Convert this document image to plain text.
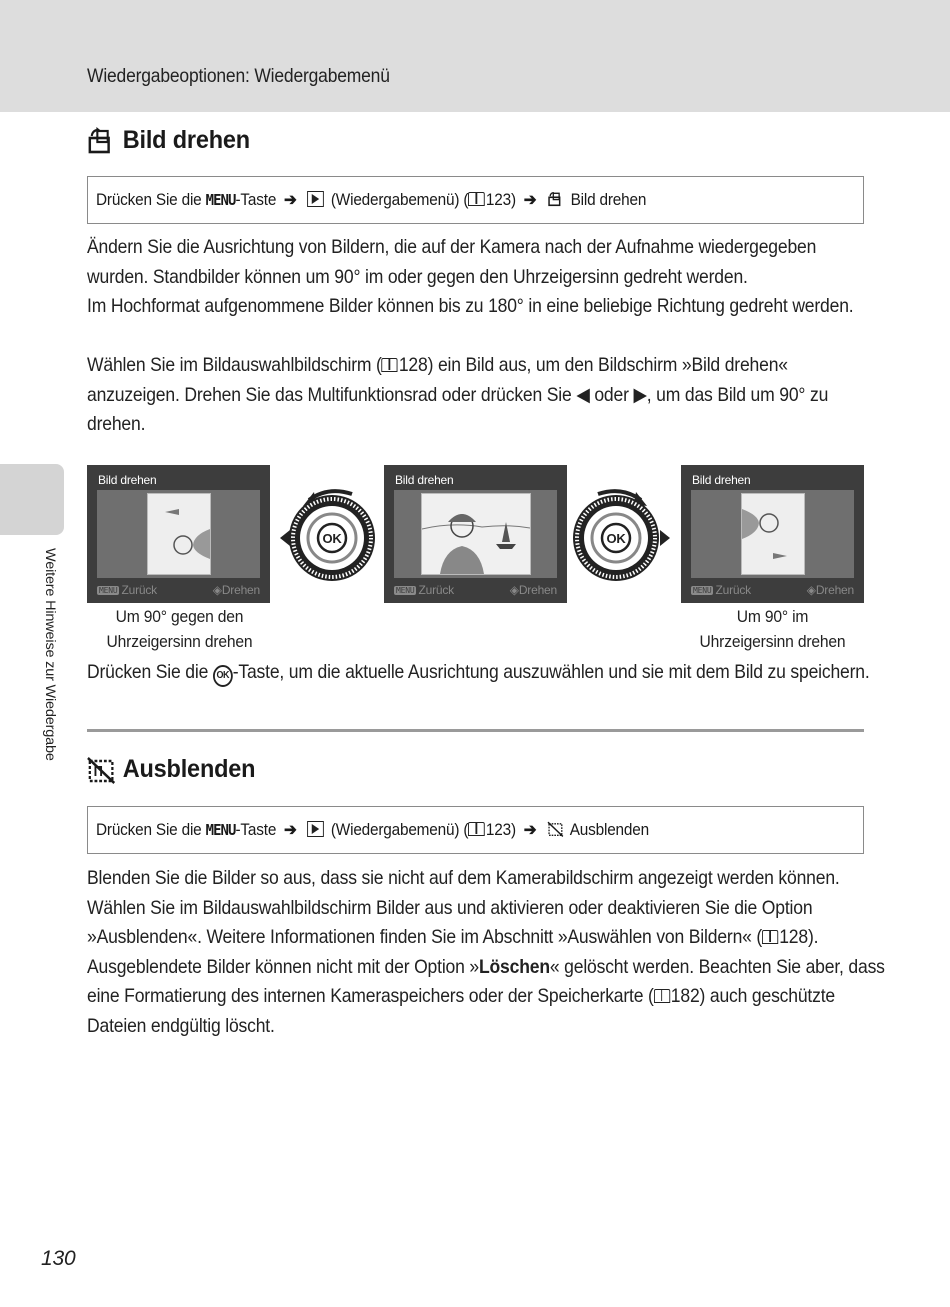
Wiedergabeoptionen: Wiedergabemenü
Weitere Hinweise zur Wiedergabe
Bild drehen
Drücken Sie die MENU-Taste ➔ (Wiedergabemenü) ( 123) ➔ Bild drehen

Ändern Sie die Ausrichtung von Bildern, die auf der Kamera nach der Aufnahme wiedergegeben

wurden. Standbilder können um 90° im oder gegen den Uhrzeigersinn gedreht werden.

Im Hochformat aufgenommene Bilder können bis zu 180° in eine beliebige Richtung gedreht werden.

Wählen Sie im Bildauswahlbildschirm ( 128) ein Bild aus, um den Bildschirm »Bild drehen«

anzuzeigen. Drehen Sie das Multifunktionsrad oder drücken Sie ◀ oder ▶, um das Bild um 90° zu

drehen.

Bild drehen
MENU Zurück	◈Drehen
OK
Bild drehen
MENU Zurück	◈Drehen
OK
Bild drehen
MENU Zurück	◈Drehen
Um 90° gegen den
Uhrzeigersinn drehen
Um 90° im
Uhrzeigersinn drehen

Drücken Sie die OK -Taste, um die aktuelle Ausrichtung auszuwählen und sie mit dem Bild zu speichern.

Ausblenden
Drücken Sie die MENU-Taste ➔ (Wiedergabemenü) ( 123) ➔ Ausblenden

Blenden Sie die Bilder so aus, dass sie nicht auf dem Kamerabildschirm angezeigt werden können.

Wählen Sie im Bildauswahlbildschirm Bilder aus und aktivieren oder deaktivieren Sie die Option

»Ausblenden«. Weitere Informationen finden Sie im Abschnitt »Auswählen von Bildern« ( 128).

Ausgeblendete Bilder können nicht mit der Option »Löschen« gelöscht werden. Beachten Sie aber, dass

eine Formatierung des internen Kameraspeichers oder der Speicherkarte ( 182) auch geschützte

Dateien endgültig löscht.

130
